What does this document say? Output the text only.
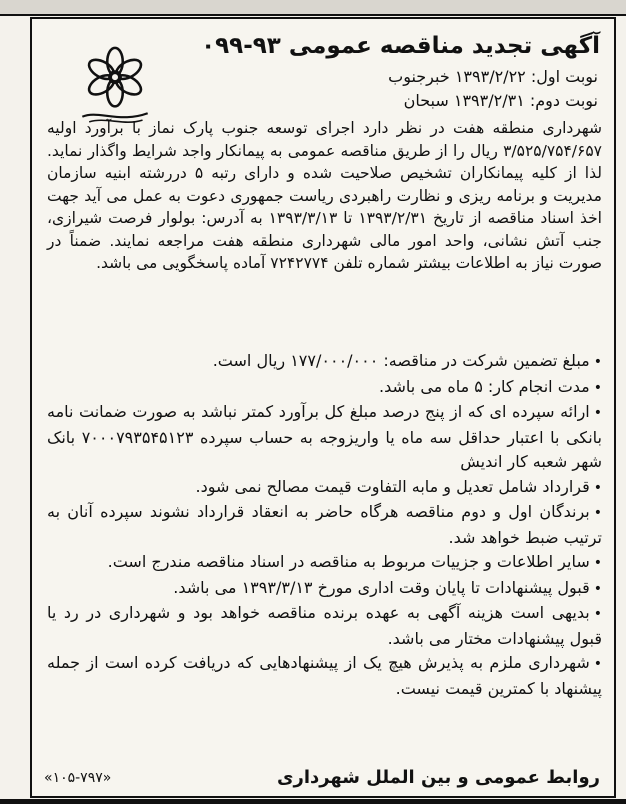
آگهی تجدید مناقصه عمومی ۹۳-۰۹۹
نوبت اول: ۱۳۹۳/۲/۲۲ خبرجنوب
نوبت دوم: ۱۳۹۳/۲/۳۱ سبحان
شهرداری منطقه هفت در نظر دارد اجرای توسعه جنوب پارک نماز با برآورد اولیه ۳/۵۲۵/۷۵۴/۶۵۷ ریال را از طریق مناقصه عمومی به پیمانکار واجد شرایط واگذار نماید. لذا از کلیه پیمانکاران تشخیص صلاحیت شده و دارای رتبه ۵ دررشته ابنیه سازمان مدیریت و برنامه ریزی و نظارت راهبردی ریاست جمهوری دعوت به عمل می آید جهت اخذ اسناد مناقصه از تاریخ ۱۳۹۳/۲/۳۱ تا ۱۳۹۳/۳/۱۳ به آدرس: بولوار فرصت شیرازی، جنب آتش نشانی، واحد امور مالی شهرداری منطقه هفت مراجعه نمایند. ضمناً در صورت نیاز به اطلاعات بیشتر شماره تلفن ۷۲۴۲۷۷۴ آماده پاسخگویی می باشد.
• مبلغ تضمین شرکت در مناقصه: ۱۷۷/۰۰۰/۰۰۰ ریال است.
• مدت انجام کار: ۵ ماه می باشد.
• ارائه سپرده ای که از پنج درصد مبلغ کل برآورد کمتر نباشد به صورت ضمانت نامه بانکی با اعتبار حداقل سه ماه یا واریزوجه به حساب سپرده ۷۰۰۰۷۹۳۵۴۵۱۲۳ بانک شهر شعبه کار اندیش
• قرارداد شامل تعدیل و مابه التفاوت قیمت مصالح نمی شود.
• برندگان اول و دوم مناقصه هرگاه حاضر به انعقاد قرارداد نشوند سپرده آنان به ترتیب ضبط خواهد شد.
• سایر اطلاعات و جزییات مربوط به مناقصه در اسناد مناقصه مندرج است.
• قبول پیشنهادات تا پایان وقت اداری مورخ ۱۳۹۳/۳/۱۳ می باشد.
• بدیهی است هزینه آگهی به عهده برنده مناقصه خواهد بود و شهرداری در رد یا قبول پیشنهادات مختار می باشد.
• شهرداری ملزم به پذیرش هیچ یک از پیشنهادهایی که دریافت کرده است از جمله پیشنهاد با کمترین قیمت نیست.
روابط عمومی و بین الملل شهرداری
«۱۰۵-۷۹۷»
